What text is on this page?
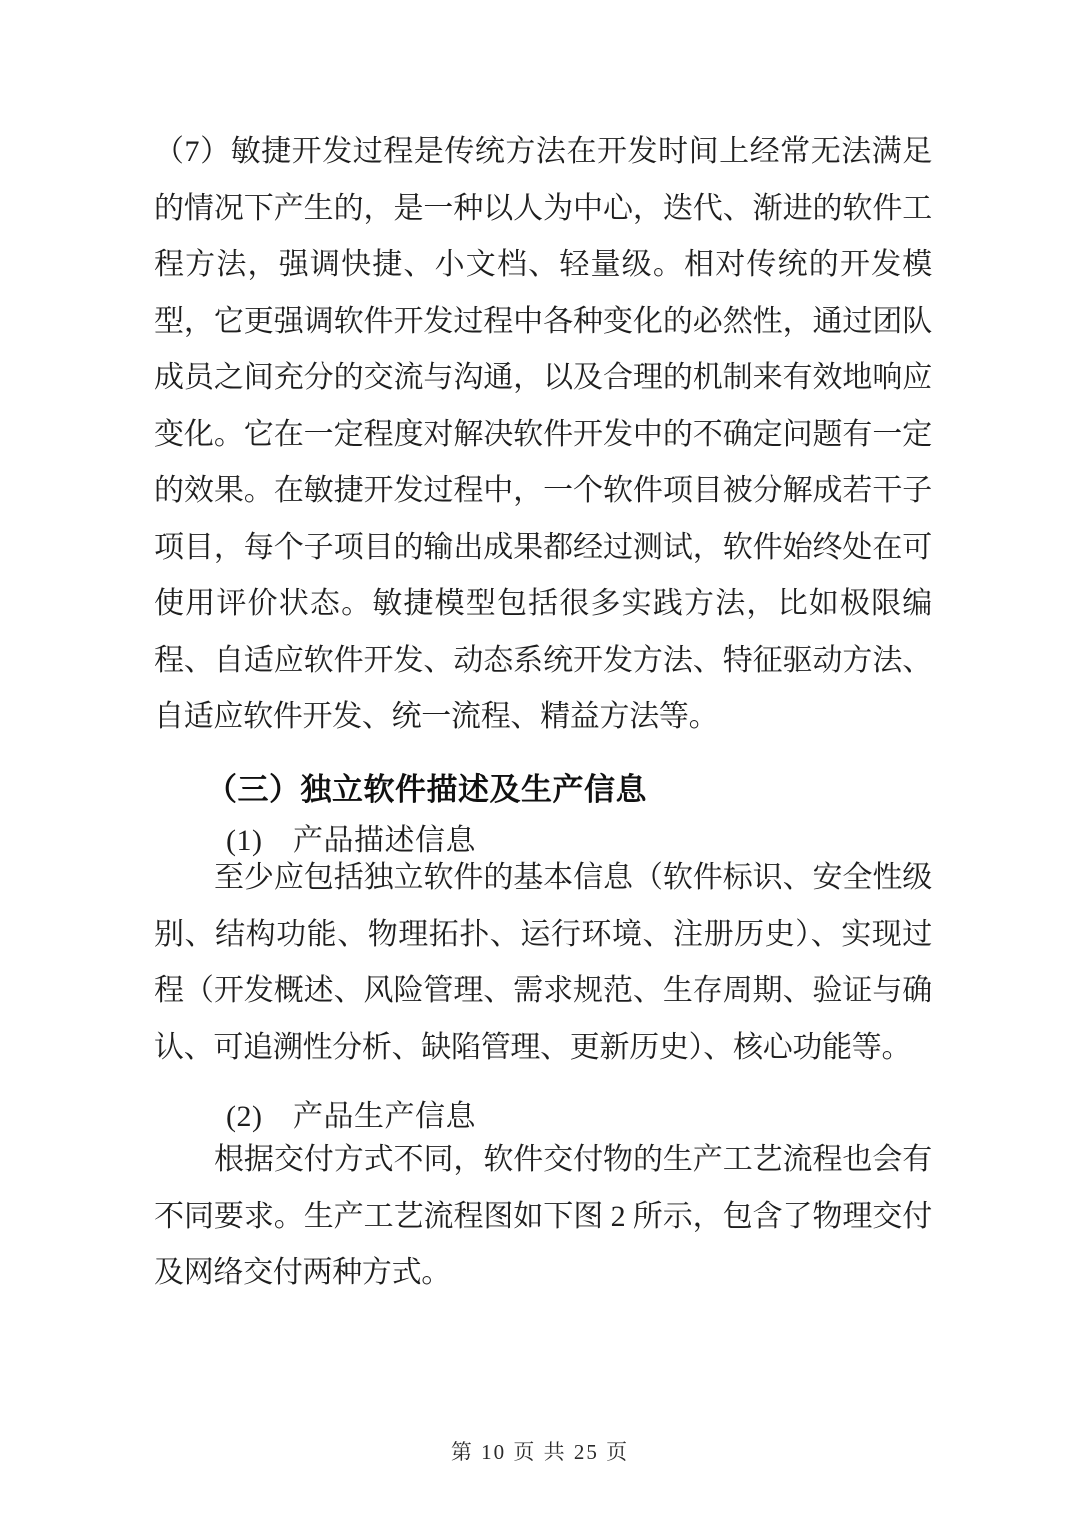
（7）敏捷开发过程是传统方法在开发时间上经常无法满足的情况下产生的，是一种以人为中心，迭代、渐进的软件工程方法，强调快捷、小文档、轻量级。相对传统的开发模型，它更强调软件开发过程中各种变化的必然性，通过团队成员之间充分的交流与沟通，以及合理的机制来有效地响应变化。它在一定程度对解决软件开发中的不确定问题有一定的效果。在敏捷开发过程中，一个软件项目被分解成若干子项目，每个子项目的输出成果都经过测试，软件始终处在可使用评价状态。敏捷模型包括很多实践方法，比如极限编程、自适应软件开发、动态系统开发方法、特征驱动方法、自适应软件开发、统一流程、精益方法等。

（三）独立软件描述及生产信息

(1)　产品描述信息

至少应包括独立软件的基本信息（软件标识、安全性级别、结构功能、物理拓扑、运行环境、注册历史）、实现过程（开发概述、风险管理、需求规范、生存周期、验证与确认、可追溯性分析、缺陷管理、更新历史）、核心功能等。

(2)　产品生产信息

根据交付方式不同，软件交付物的生产工艺流程也会有不同要求。生产工艺流程图如下图 2 所示，包含了物理交付及网络交付两种方式。

第 10 页 共 25 页
